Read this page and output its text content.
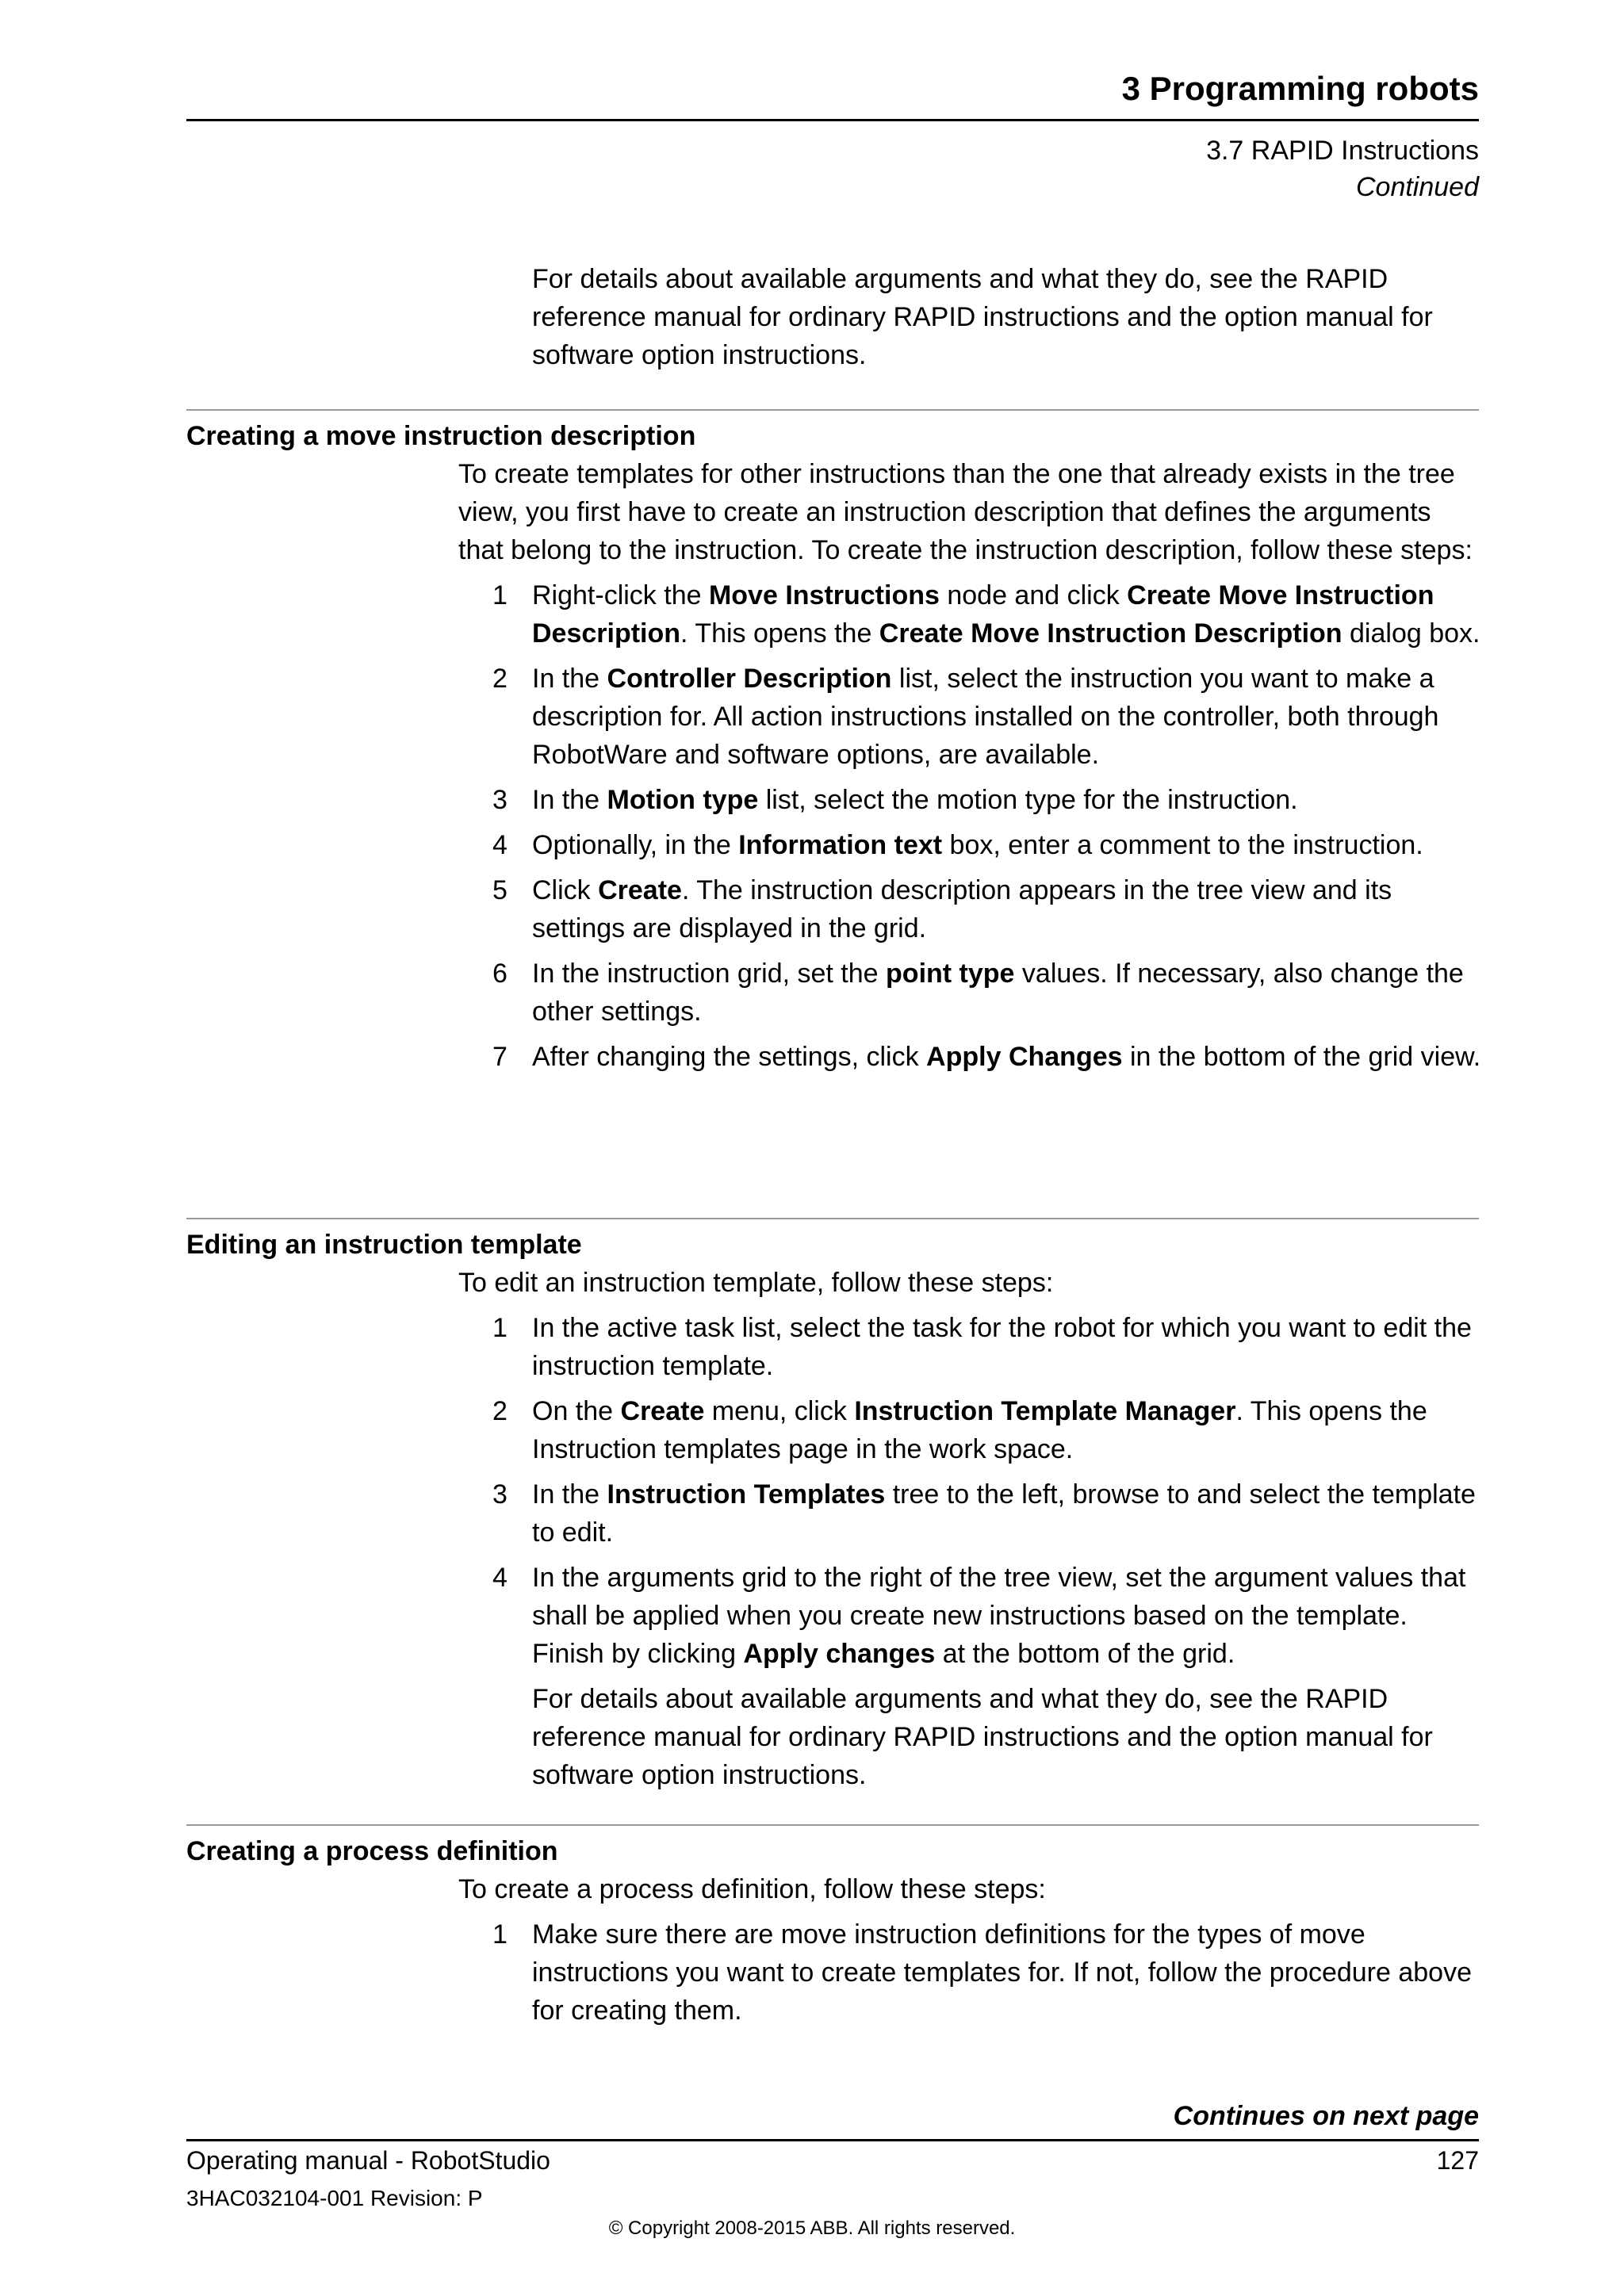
3 Programming robots
3.7 RAPID Instructions
Continued
For details about available arguments and what they do, see the RAPID reference manual for ordinary RAPID instructions and the option manual for software option instructions.
Creating a move instruction description
To create templates for other instructions than the one that already exists in the tree view, you first have to create an instruction description that defines the arguments that belong to the instruction. To create the instruction description, follow these steps:
1 Right-click the Move Instructions node and click Create Move Instruction Description. This opens the Create Move Instruction Description dialog box.
2 In the Controller Description list, select the instruction you want to make a description for. All action instructions installed on the controller, both through RobotWare and software options, are available.
3 In the Motion type list, select the motion type for the instruction.
4 Optionally, in the Information text box, enter a comment to the instruction.
5 Click Create. The instruction description appears in the tree view and its settings are displayed in the grid.
6 In the instruction grid, set the point type values. If necessary, also change the other settings.
7 After changing the settings, click Apply Changes in the bottom of the grid view.
Editing an instruction template
To edit an instruction template, follow these steps:
1 In the active task list, select the task for the robot for which you want to edit the instruction template.
2 On the Create menu, click Instruction Template Manager. This opens the Instruction templates page in the work space.
3 In the Instruction Templates tree to the left, browse to and select the template to edit.
4 In the arguments grid to the right of the tree view, set the argument values that shall be applied when you create new instructions based on the template. Finish by clicking Apply changes at the bottom of the grid.
For details about available arguments and what they do, see the RAPID reference manual for ordinary RAPID instructions and the option manual for software option instructions.
Creating a process definition
To create a process definition, follow these steps:
1 Make sure there are move instruction definitions for the types of move instructions you want to create templates for. If not, follow the procedure above for creating them.
Continues on next page
Operating manual - RobotStudio	127
3HAC032104-001 Revision: P
© Copyright 2008-2015 ABB. All rights reserved.
